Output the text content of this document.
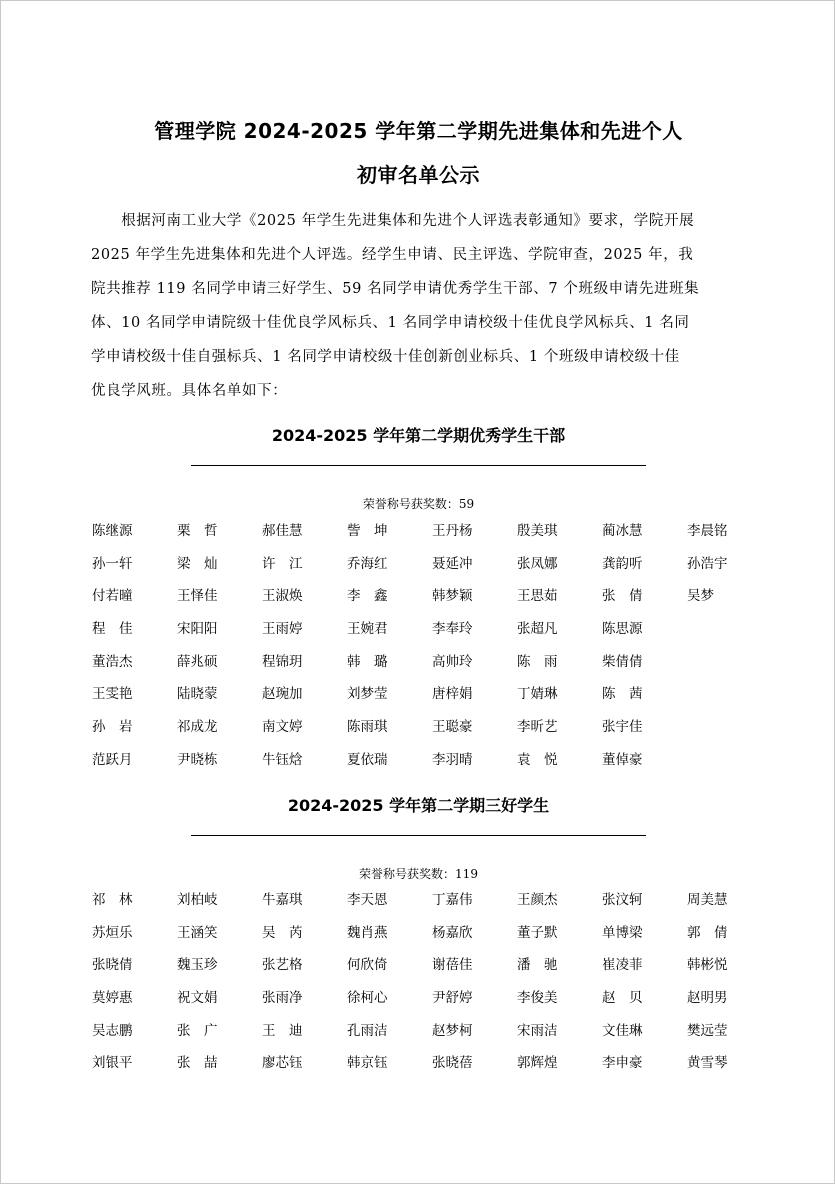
管理学院 2024-2025 学年第二学期先进集体和先进个人
初审名单公示
　　根据河南工业大学《2025 年学生先进集体和先进个人评选表彰通知》要求，学院开展
2025 年学生先进集体和先进个人评选。经学生申请、民主评选、学院审查，2025 年，我
院共推荐 119 名同学申请三好学生、59 名同学申请优秀学生干部、7 个班级申请先进班集
体、10 名同学申请院级十佳优良学风标兵、1 名同学申请校级十佳优良学风标兵、1 名同
学申请校级十佳自强标兵、1 名同学申请校级十佳创新创业标兵、1 个班级申请校级十佳
优良学风班。具体名单如下：
2024-2025 学年第二学期优秀学生干部
荣誉称号获奖数：59
陈继源	栗　哲	郝佳慧	訾　坤	王丹杨	殷美琪	蔺冰慧	李晨铭
孙一轩	梁　灿	许　江	乔海红	聂延冲	张凤娜	龚韵听	孙浩宇
付若曈	王怿佳	王淑焕	李　鑫	韩梦颖	王思茹	张　倩	吴梦
程　佳	宋阳阳	王雨婷	王婉君	李奉玲	张超凡	陈思源
董浩杰	薛兆硕	程锦玥	韩　璐	高帅玲	陈　雨	柴倩倩
王雯艳	陆晓蒙	赵琬加	刘梦莹	唐梓娟	丁婧琳	陈　茜
孙　岩	祁成龙	南文婷	陈雨琪	王聪豪	李昕艺	张宇佳
范跃月	尹晓栋	牛钰焓	夏依瑞	李羽晴	袁　悦	董倬豪
2024-2025 学年第二学期三好学生
荣誉称号获奖数：119
祁　林	刘柏岐	牛嘉琪	李天恩	丁嘉伟	王颜杰	张汶轲	周美慧
苏烜乐	王涵笑	吴　芮	魏肖燕	杨嘉欣	董子默	单博梁	郭　倩
张晓倩	魏玉珍	张艺格	何欣倚	谢蓓佳	潘　驰	崔凌菲	韩彬悦
莫婷惠	祝文娟	张雨净	徐柯心	尹舒婷	李俊美	赵　贝	赵明男
吴志鹏	张　广	王　迪	孔雨洁	赵梦柯	宋雨洁	文佳琳	樊远莹
刘银平	张　喆	廖芯钰	韩京钰	张晓蓓	郭辉煌	李申豪	黄雪琴
